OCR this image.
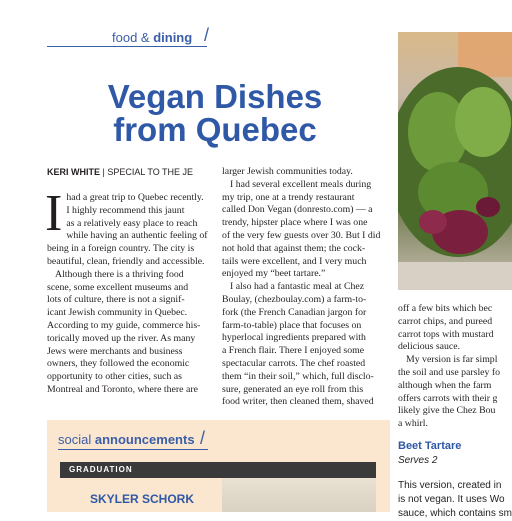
food & dining /
Vegan Dishes
from Quebec
KERI WHITE | SPECIAL TO THE JE
I had a great trip to Quebec recently.
I highly recommend this jaunt
as a relatively easy place to reach
while having an authentic feeling of
being in a foreign country. The city is
beautiful, clean, friendly and accessible.
Although there is a thriving food
scene, some excellent museums and
lots of culture, there is not a signif-
icant Jewish community in Quebec.
According to my guide, commerce his-
torically moved up the river. As many
Jews were merchants and business
owners, they followed the economic
opportunity to other cities, such as
Montreal and Toronto, where there are
larger Jewish communities today.
I had several excellent meals during
my trip, one at a trendy restaurant
called Don Vegan (donresto.com) — a
trendy, hipster place where I was one
of the very few guests over 30. But I did
not hold that against them; the cock-
tails were excellent, and I very much
enjoyed my “beet tartare.”
I also had a fantastic meal at Chez
Boulay, (chezboulay.com) a farm-to-
fork (the French Canadian jargon for
farm-to-table) place that focuses on
hyperlocal ingredients prepared with
a French flair. There I enjoyed some
spectacular carrots. The chef roasted
them “in their soil,” which, full disclo-
sure, generated an eye roll from this
food writer, then cleaned them, shaved
off a few bits which bec
carrot chips, and pureed
carrot tops with mustard
delicious sauce.
My version is far simpl
the soil and use parsley fo
although when the farm
offers carrots with their g
likely give the Chez Bou
a whirl.
Beet Tartare
Serves 2
This version, created in
is not vegan. It uses Wo
sauce, which contains sm
social announcements /
GRADUATION
SKYLER SCHORK
